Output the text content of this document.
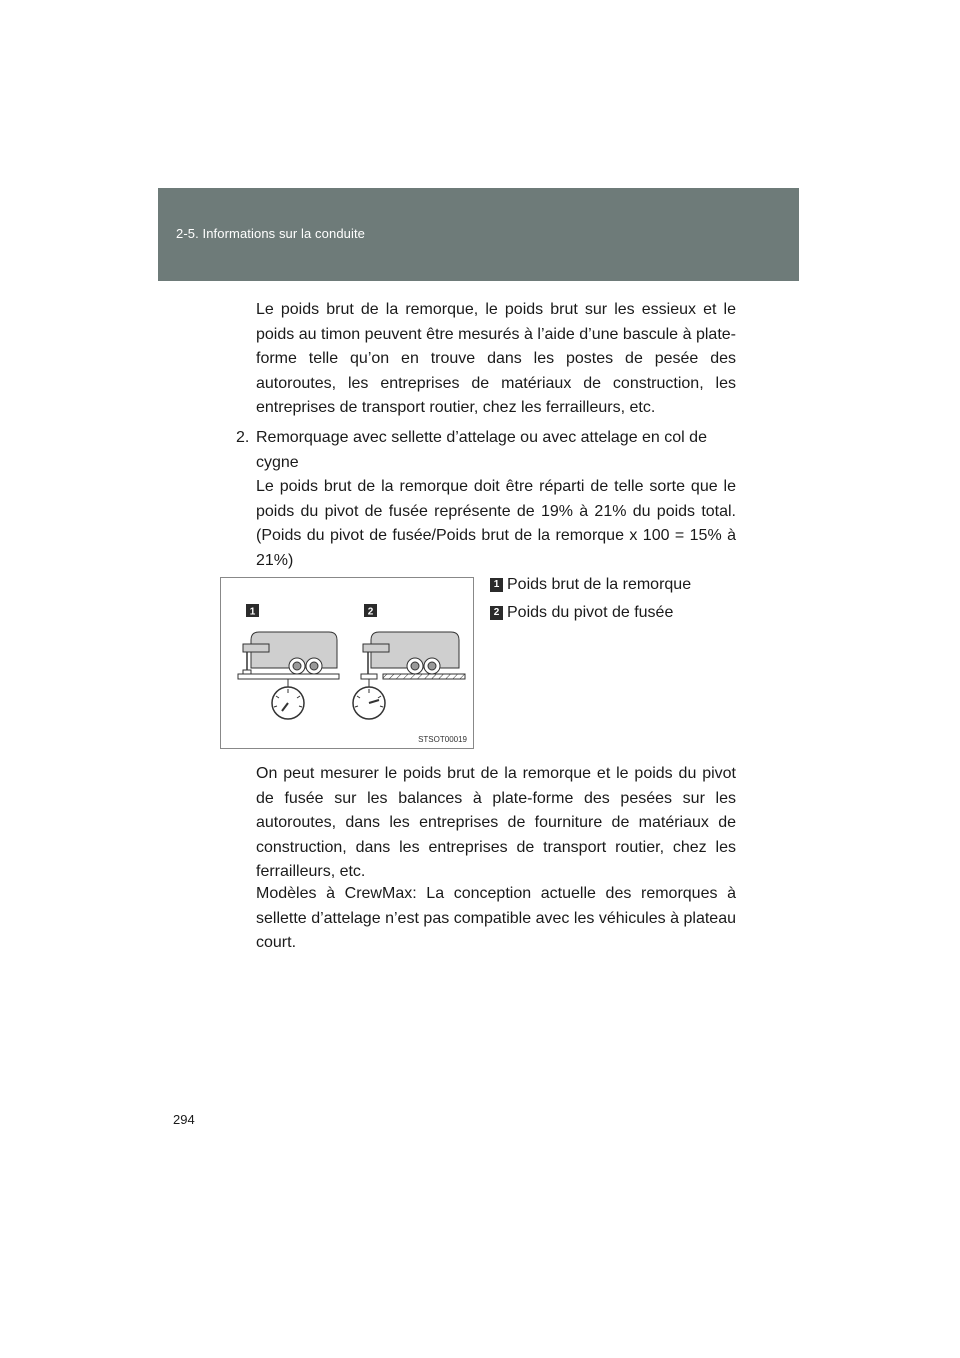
2-5. Informations sur la conduite
Le poids brut de la remorque, le poids brut sur les essieux et le poids au timon peuvent être mesurés à l’aide d’une bascule à plate-forme telle qu’on en trouve dans les postes de pesée des autoroutes, les entreprises de matériaux de construction, les entreprises de transport routier, chez les ferrailleurs, etc.
2. Remorquage avec sellette d’attelage ou avec attelage en col de
cygne
Le poids brut de la remorque doit être réparti de telle sorte que le poids du pivot de fusée représente de 19% à 21% du poids total. (Poids du pivot de fusée/Poids brut de la remorque x 100 = 15% à 21%)
1	2
STSOT00019
1 Poids brut de la remorque
2 Poids du pivot de fusée
On peut mesurer le poids brut de la remorque et le poids du pivot de fusée sur les balances à plate-forme des pesées sur les autoroutes, dans les entreprises de fourniture de matériaux de construction, dans les entreprises de transport routier, chez les ferrailleurs, etc.
Modèles à CrewMax: La conception actuelle des remorques à sellette d’attelage n’est pas compatible avec les véhicules à plateau court.
294
